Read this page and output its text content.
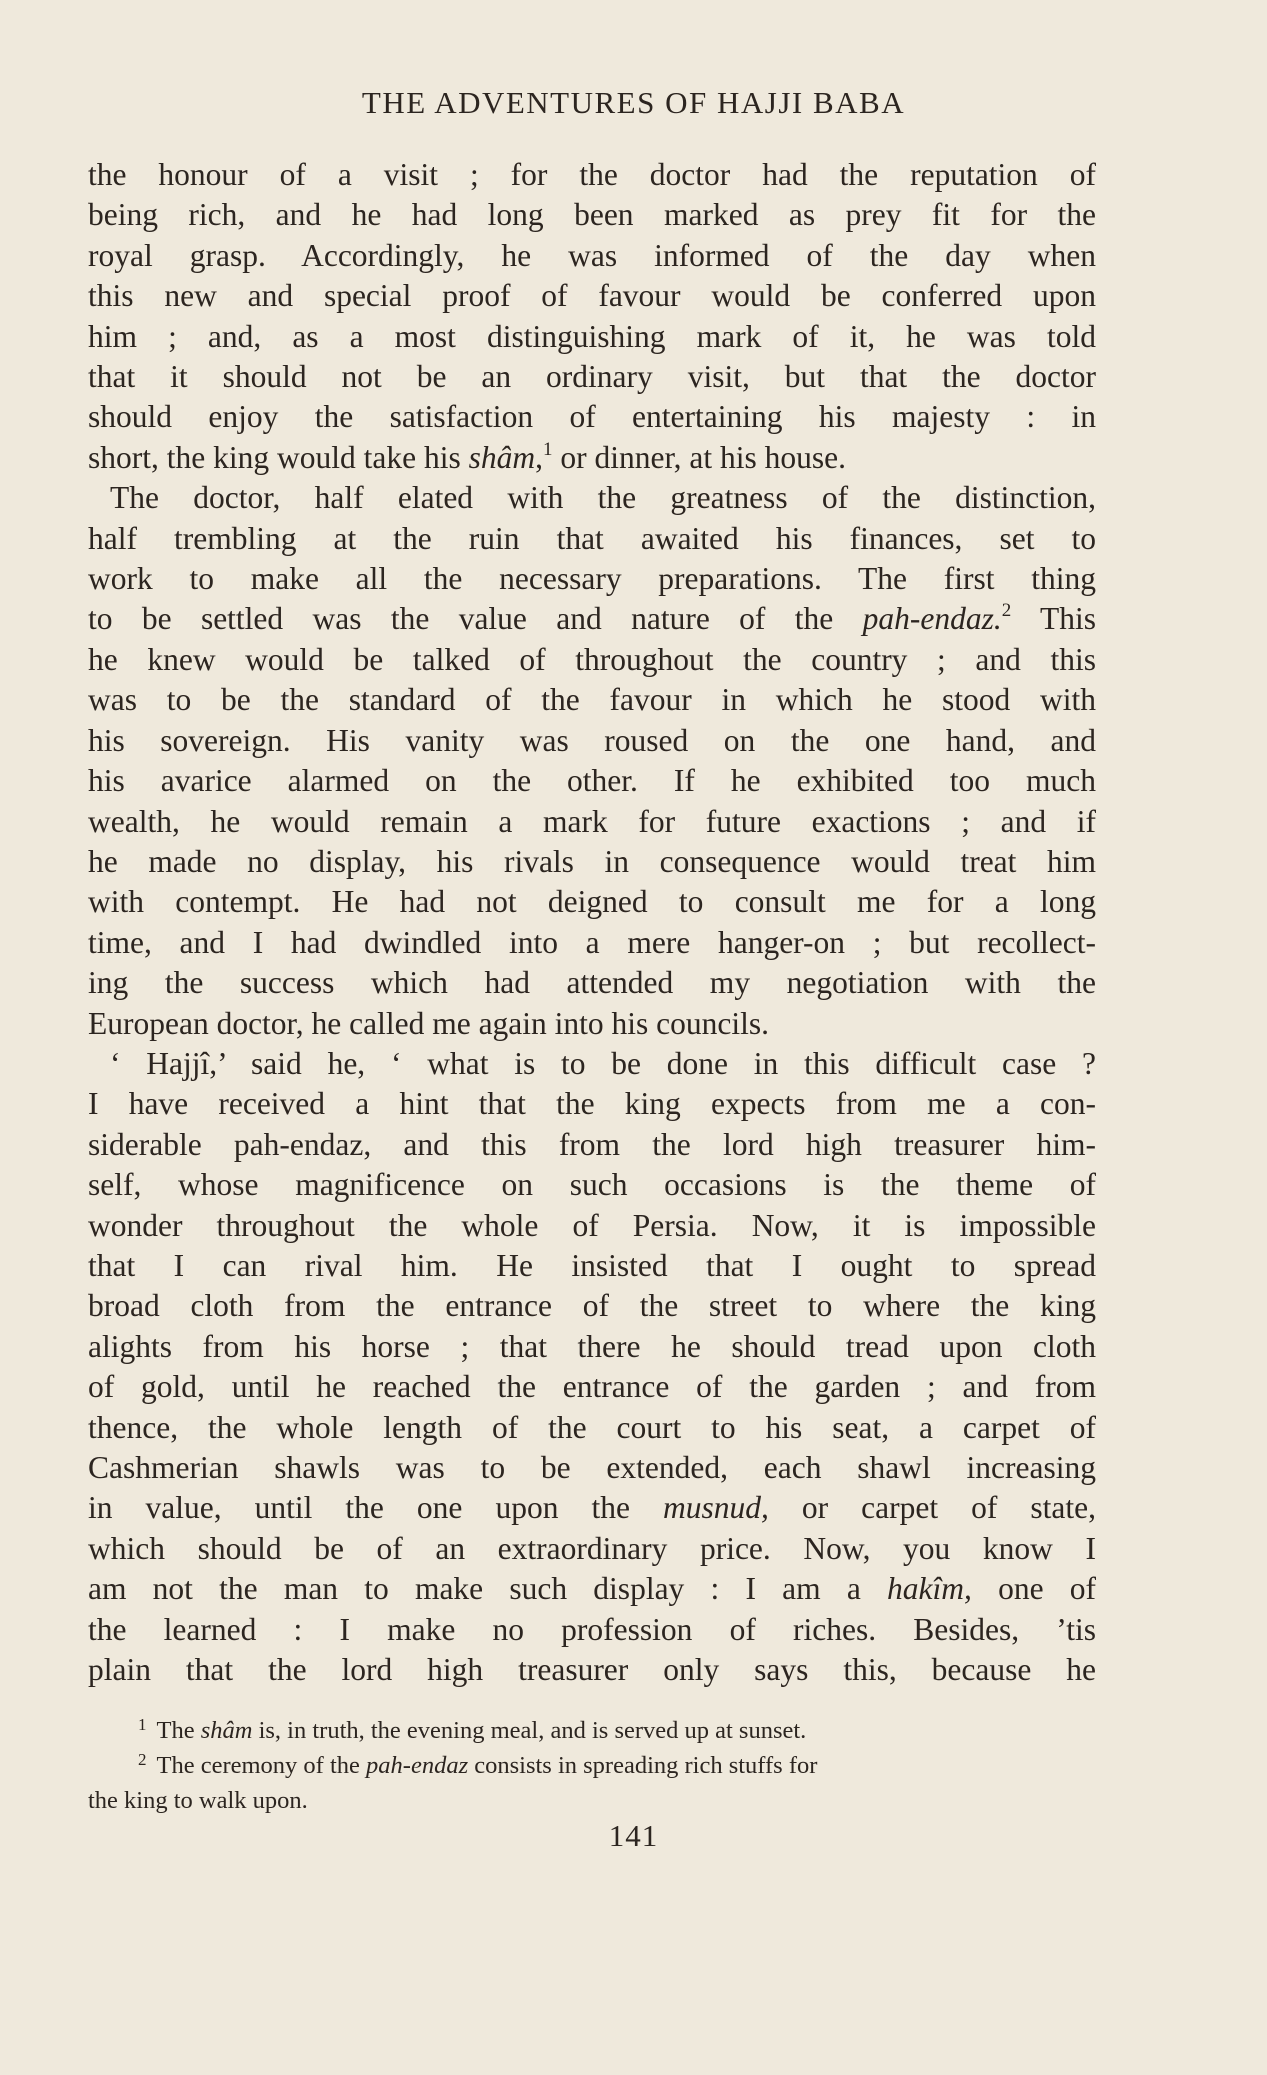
THE ADVENTURES OF HAJJI BABA

the honour of a visit ; for the doctor had the reputation of

being rich, and he had long been marked as prey fit for the

royal grasp. Accordingly, he was informed of the day when

this new and special proof of favour would be conferred upon

him ; and, as a most distinguishing mark of it, he was told

that it should not be an ordinary visit, but that the doctor

should enjoy the satisfaction of entertaining his majesty : in

short, the king would take his shâm,$^1$ or dinner, at his house.

The doctor, half elated with the greatness of the distinction,

half trembling at the ruin that awaited his finances, set to

work to make all the necessary preparations. The first thing

to be settled was the value and nature of the pah-endaz.$^2$ This

he knew would be talked of throughout the country ; and this

was to be the standard of the favour in which he stood with

his sovereign. His vanity was roused on the one hand, and

his avarice alarmed on the other. If he exhibited too much

wealth, he would remain a mark for future exactions ; and if

he made no display, his rivals in consequence would treat him

with contempt. He had not deigned to consult me for a long

time, and I had dwindled into a mere hanger-on ; but recollect-

ing the success which had attended my negotiation with the

European doctor, he called me again into his councils.

‘ Hajjî,’ said he, ‘ what is to be done in this difficult case ?

I have received a hint that the king expects from me a con-

siderable pah-endaz, and this from the lord high treasurer him-

self, whose magnificence on such occasions is the theme of

wonder throughout the whole of Persia. Now, it is impossible

that I can rival him. He insisted that I ought to spread

broad cloth from the entrance of the street to where the king

alights from his horse ; that there he should tread upon cloth

of gold, until he reached the entrance of the garden ; and from

thence, the whole length of the court to his seat, a carpet of

Cashmerian shawls was to be extended, each shawl increasing

in value, until the one upon the musnud, or carpet of state,

which should be of an extraordinary price. Now, you know I

am not the man to make such display : I am a hakîm, one of

the learned : I make no profession of riches. Besides, ’tis

plain that the lord high treasurer only says this, because he

$^1$ The shâm is, in truth, the evening meal, and is served up at sunset.

$^2$ The ceremony of the pah-endaz consists in spreading rich stuffs for

the king to walk upon.

141
